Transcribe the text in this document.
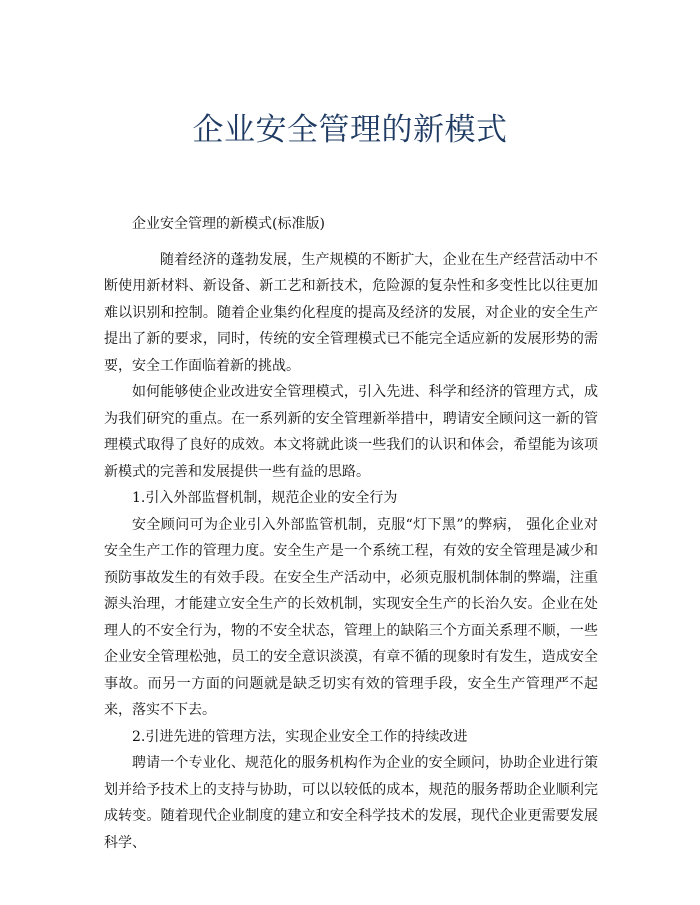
企业安全管理的新模式

企业安全管理的新模式(标准版)

随着经济的蓬勃发展，生产规模的不断扩大，企业在生产经营活动中不断使用新材料、新设备、新工艺和新技术，危险源的复杂性和多变性比以往更加难以识别和控制。随着企业集约化程度的提高及经济的发展，对企业的安全生产提出了新的要求，同时，传统的安全管理模式已不能完全适应新的发展形势的需要，安全工作面临着新的挑战。

如何能够使企业改进安全管理模式，引入先进、科学和经济的管理方式，成为我们研究的重点。在一系列新的安全管理新举措中，聘请安全顾问这一新的管理模式取得了良好的成效。本文将就此谈一些我们的认识和体会，希望能为该项新模式的完善和发展提供一些有益的思路。

1.引入外部监督机制，规范企业的安全行为

安全顾问可为企业引入外部监管机制，克服“灯下黑”的弊病， 强化企业对安全生产工作的管理力度。安全生产是一个系统工程，有效的安全管理是减少和预防事故发生的有效手段。在安全生产活动中，必须克服机制体制的弊端，注重源头治理，才能建立安全生产的长效机制，实现安全生产的长治久安。企业在处理人的不安全行为，物的不安全状态，管理上的缺陷三个方面关系理不顺，一些企业安全管理松弛，员工的安全意识淡漠，有章不循的现象时有发生，造成安全事故。而另一方面的问题就是缺乏切实有效的管理手段，安全生产管理严不起来，落实不下去。

2.引进先进的管理方法，实现企业安全工作的持续改进

聘请一个专业化、规范化的服务机构作为企业的安全顾问，协助企业进行策划并给予技术上的支持与协助，可以以较低的成本，规范的服务帮助企业顺利完成转变。随着现代企业制度的建立和安全科学技术的发展，现代企业更需要发展科学、
